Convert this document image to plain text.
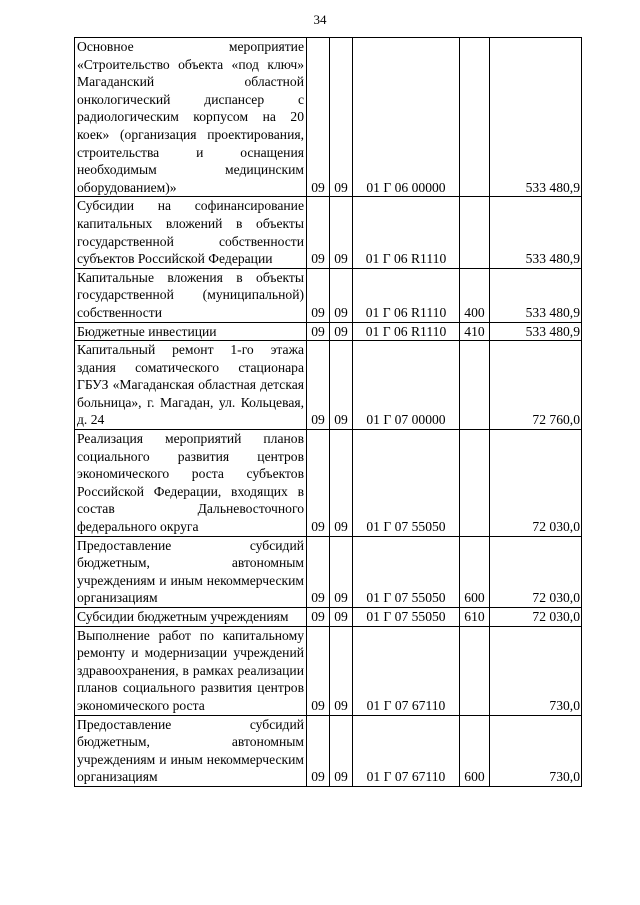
34
Основное мероприятие «Строительство объекта «под ключ» Магаданский областной онкологический диспансер с радиологическим корпусом на 20 коек» (организация проектирования, строительства и оснащения необходимым медицинским оборудованием)»	09	09	01 Г 06 00000		533 480,9
Субсидии на софинансирование капитальных вложений в объекты государственной собственности субъектов Российской Федерации	09	09	01 Г 06 R1110		533 480,9
Капитальные вложения в объекты государственной (муниципальной) собственности	09	09	01 Г 06 R1110	400	533 480,9
Бюджетные инвестиции	09	09	01 Г 06 R1110	410	533 480,9
Капитальный ремонт 1-го этажа здания соматического стационара ГБУЗ «Магаданская областная детская больница», г. Магадан, ул. Кольцевая, д. 24	09	09	01 Г 07 00000		72 760,0
Реализация мероприятий планов социального развития центров экономического роста субъектов Российской Федерации, входящих в состав Дальневосточного федерального округа	09	09	01 Г 07 55050		72 030,0
Предоставление субсидий бюджетным, автономным учреждениям и иным некоммерческим организациям	09	09	01 Г 07 55050	600	72 030,0
Субсидии бюджетным учреждениям	09	09	01 Г 07 55050	610	72 030,0
Выполнение работ по капитальному ремонту и модернизации учреждений здравоохранения, в рамках реализации планов социального развития центров экономического роста	09	09	01 Г 07 67110		730,0
Предоставление субсидий бюджетным, автономным учреждениям и иным некоммерческим организациям	09	09	01 Г 07 67110	600	730,0
